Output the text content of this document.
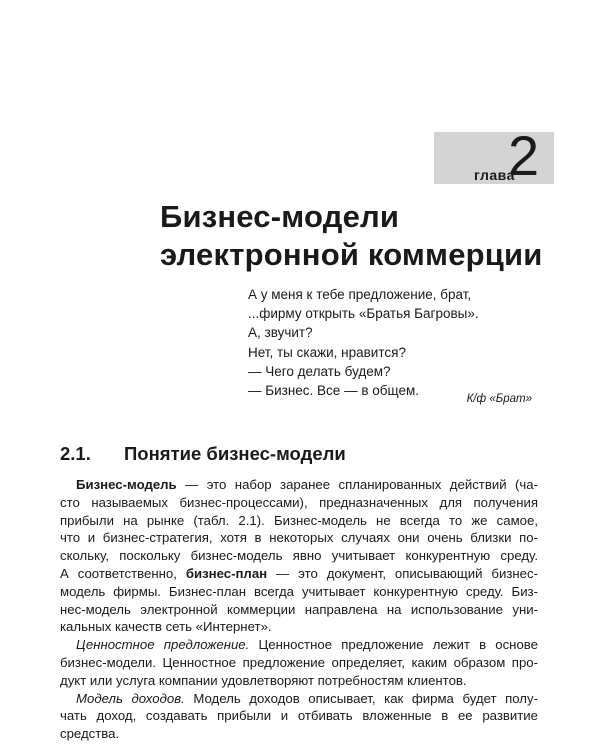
глава
2
Бизнес-модели
электронной коммерции
А у меня к тебе предложение, брат,
...фирму открыть «Братья Багровы».
А, звучит?
Нет, ты скажи, нравится?
— Чего делать будем?
— Бизнес. Все — в общем.
К/ф «Брат»
2.1. Понятие бизнес-модели
Бизнес-модель — это набор заранее спланированных действий (ча-
сто называемых бизнес-процессами), предназначенных для получения
прибыли на рынке (табл. 2.1). Бизнес-модель не всегда то же самое,
что и бизнес-стратегия, хотя в некоторых случаях они очень близки по-
скольку, поскольку бизнес-модель явно учитывает конкурентную среду.
А соответственно, бизнес-план — это документ, описывающий бизнес-
модель фирмы. Бизнес-план всегда учитывает конкурентную среду. Биз-
нес-модель электронной коммерции направлена на использование уни-
кальных качеств сеть «Интернет».
Ценностное предложение. Ценностное предложение лежит в основе
бизнес-модели. Ценностное предложение определяет, каким образом про-
дукт или услуга компании удовлетворяют потребностям клиентов.
Модель доходов. Модель доходов описывает, как фирма будет полу-
чать доход, создавать прибыли и отбивать вложенные в ее развитие
средства.
